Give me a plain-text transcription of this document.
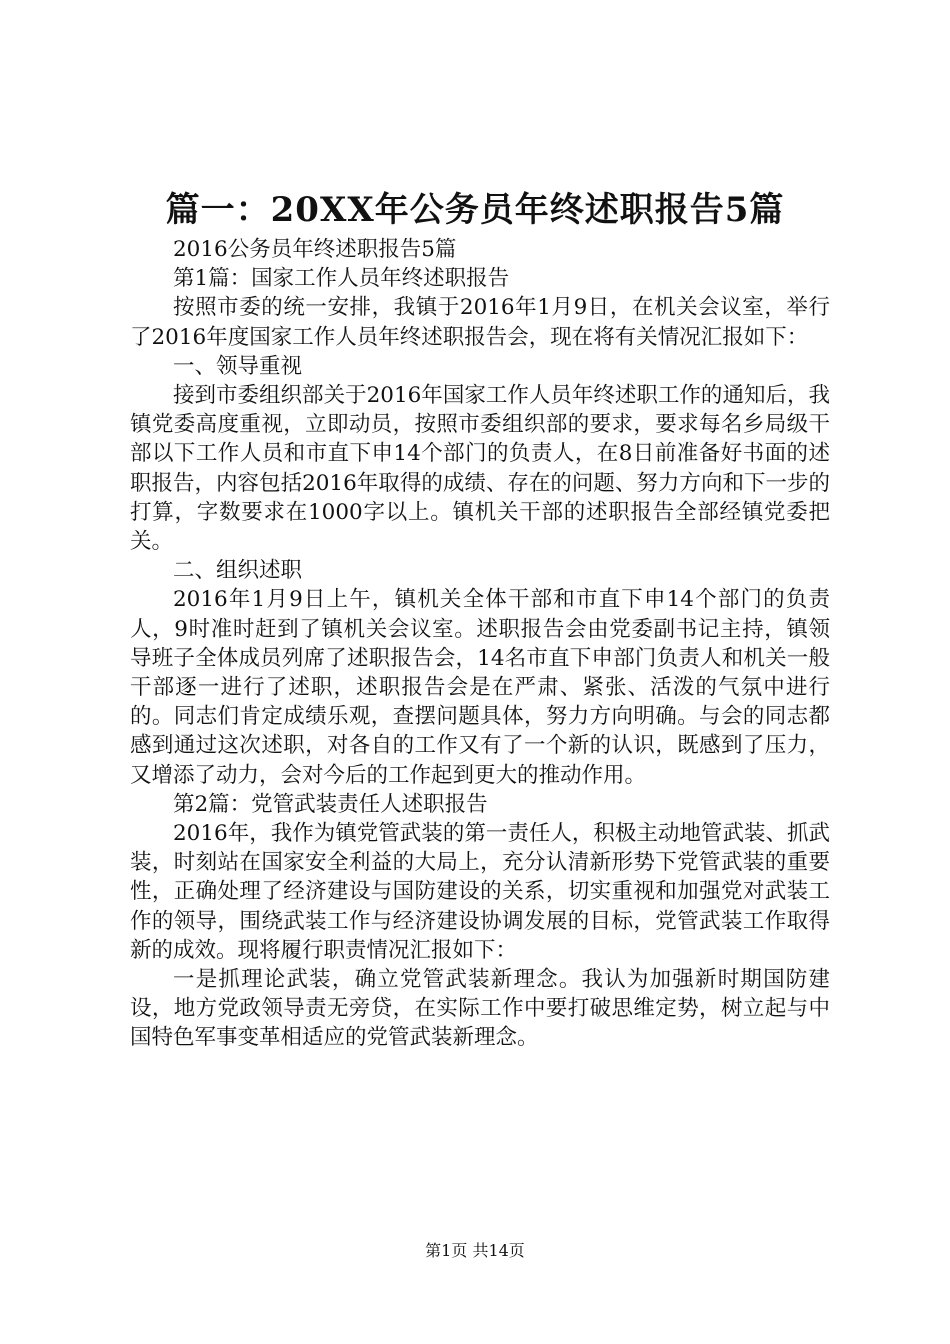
篇一：20XX年公务员年终述职报告5篇

2016公务员年终述职报告5篇

第1篇：国家工作人员年终述职报告

按照市委的统一安排，我镇于2016年1月9日，在机关会议室，举行了2016年度国家工作人员年终述职报告会，现在将有关情况汇报如下：

一、领导重视

接到市委组织部关于2016年国家工作人员年终述职工作的通知后，我镇党委高度重视，立即动员，按照市委组织部的要求，要求每名乡局级干部以下工作人员和市直下申14个部门的负责人，在8日前准备好书面的述职报告，内容包括2016年取得的成绩、存在的问题、努力方向和下一步的打算，字数要求在1000字以上。镇机关干部的述职报告全部经镇党委把关。

二、组织述职

2016年1月9日上午，镇机关全体干部和市直下申14个部门的负责人，9时准时赶到了镇机关会议室。述职报告会由党委副书记主持，镇领导班子全体成员列席了述职报告会，14名市直下申部门负责人和机关一般干部逐一进行了述职，述职报告会是在严肃、紧张、活泼的气氛中进行的。同志们肯定成绩乐观，查摆问题具体，努力方向明确。与会的同志都感到通过这次述职，对各自的工作又有了一个新的认识，既感到了压力，又增添了动力，会对今后的工作起到更大的推动作用。

第2篇：党管武装责任人述职报告

2016年，我作为镇党管武装的第一责任人，积极主动地管武装、抓武装，时刻站在国家安全利益的大局上，充分认清新形势下党管武装的重要性，正确处理了经济建设与国防建设的关系，切实重视和加强党对武装工作的领导，围绕武装工作与经济建设协调发展的目标，党管武装工作取得新的成效。现将履行职责情况汇报如下：

一是抓理论武装，确立党管武装新理念。我认为加强新时期国防建设，地方党政领导责无旁贷，在实际工作中要打破思维定势，树立起与中国特色军事变革相适应的党管武装新理念。

第1页 共14页
